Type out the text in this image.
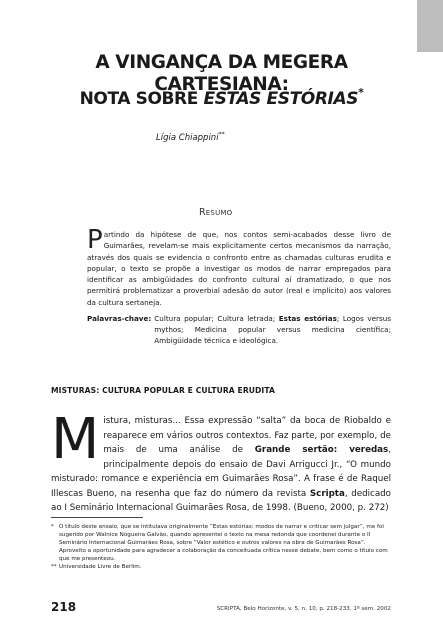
A VINGANÇA DA MEGERA CARTESIANA:
NOTA SOBRE ESTAS ESTÓRIAS*
Lígia Chiappini**
Resumo
Partindo da hipótese de que, nos contos semi-acabados desse livro de Guimarães, revelam-se mais explicitamente certos mecanismos da narração, através dos quais se evidencia o confronto entre as chamadas culturas erudita e popular, o texto se propõe a investigar os modos de narrar empregados para identificar as ambigüidades do confronto cultural aí dramatizado, o que nos permitirá problematizar a proverbial adesão do autor (real e implícito) aos valores da cultura sertaneja.
Palavras-chave: Cultura popular; Cultura letrada; Estas estórias; Logos versus mythos; Medicina popular versus medicina científica; Ambigüidade técnica e ideológica.
MISTURAS: CULTURA POPULAR E CULTURA ERUDITA
Mistura, misturas... Essa expressão “salta” da boca de Riobaldo e reaparece em vários outros contextos. Faz parte, por exemplo, de mais de uma análise de Grande sertão: veredas, principalmente depois do ensaio de Davi Arrigucci Jr., “O mundo misturado: romance e experiência em Guimarães Rosa”. A frase é de Raquel Illescas Bueno, na resenha que faz do número da revista Scripta, dedicado ao I Seminário Internacional Guimarães Rosa, de 1998. (Bueno, 2000, p. 272)
* O título deste ensaio, que se intitulava originalmente “Estas estórias: modos de narrar e criticar sem julgar”, me foi sugerido por Walnice Nogueira Galvão, quando apresentei o texto na mesa redonda que coordenei durante o II Seminário Internacional Guimarães Rosa, sobre “Valor estético e outros valores na obra de Guimarães Rosa”. Aproveito a oportunidade para agradecer a colaboração da conceituada crítica nesse debate, bem como o título com que me presenteou.
** Universidade Livre de Berlim.
218	SCRIPTA, Belo Horizonte, v. 5, n. 10, p. 218-233, 1º sem. 2002
